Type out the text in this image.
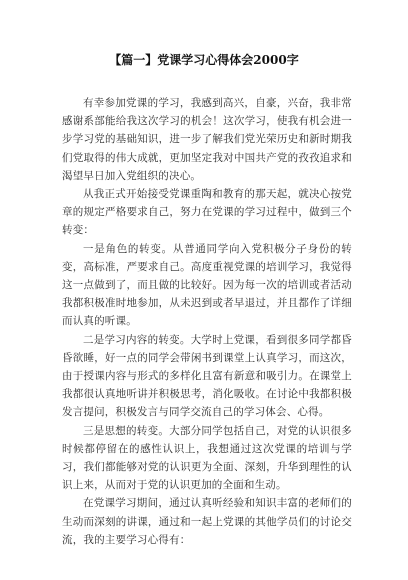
【篇一】党课学习心得体会2000字

有幸参加党课的学习，我感到高兴，自豪，兴奋，我非常感谢系部能给我这次学习的机会！这次学习，使我有机会进一步学习党的基础知识，进一步了解我们党光荣历史和新时期我们党取得的伟大成就，更加坚定我对中国共产党的孜孜追求和渴望早日加入党组织的决心。

从我正式开始接受党课重陶和教育的那天起，就决心按党章的规定严格要求自己，努力在党课的学习过程中，做到三个转变：

一是角色的转变。从普通同学向入党积极分子身份的转变，高标准，严要求自己。高度重视党课的培训学习，我觉得这一点做到了，而且做的比较好。因为每一次的培训或者活动我都积极准时地参加，从未迟到或者早退过，并且都作了详细而认真的听课。

二是学习内容的转变。大学时上党课，看到很多同学都昏昏欲睡，好一点的同学会带闲书到课堂上认真学习，而这次，由于授课内容与形式的多样化且富有新意和吸引力。在课堂上我都很认真地听讲并积极思考，消化吸收。在讨论中我都积极发言提问，积极发言与同学交流自己的学习体会、心得。

三是思想的转变。大部分同学包括自己，对党的认识很多时候都停留在的感性认识上，我想通过这次党课的培训与学习，我们都能够对党的认识更为全面、深刻，升华到理性的认识上来，从而对于党的认识更加的全面和生动。

在党课学习期间，通过认真听经验和知识丰富的老师们的生动而深刻的讲课，通过和一起上党课的其他学员们的讨论交流，我的主要学习心得有：
